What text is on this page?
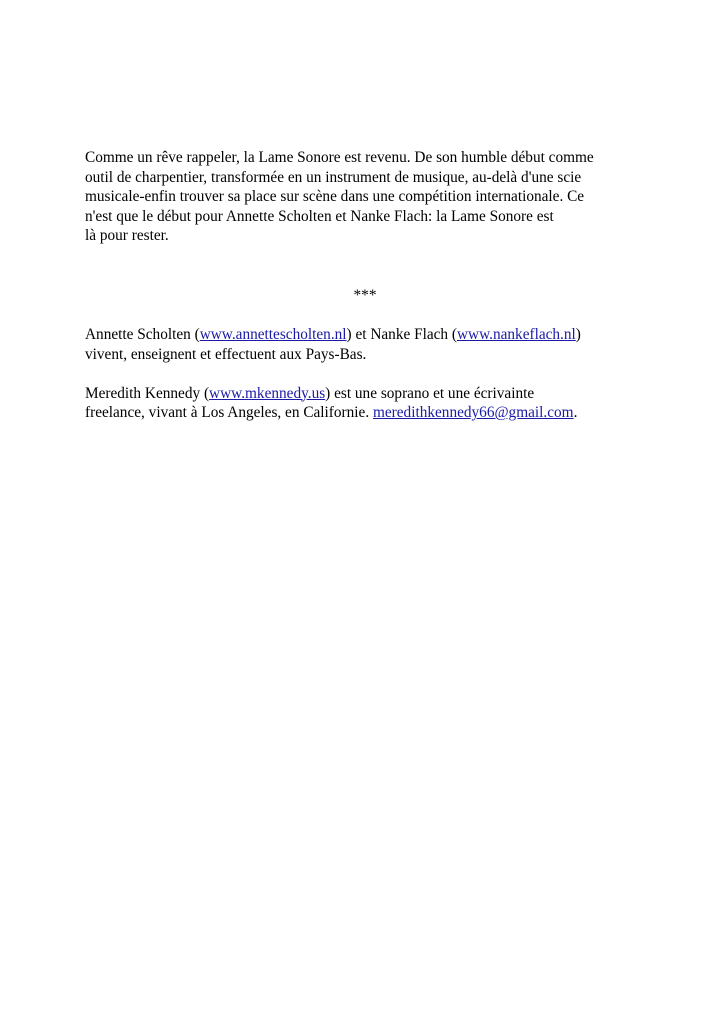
Comme un rêve rappeler, la Lame Sonore est revenu. De son humble début comme
outil de charpentier, transformée en un instrument de musique, au-delà d'une scie
musicale-enfin trouver sa place sur scène dans une compétition internationale. Ce
n'est que le début pour Annette Scholten et Nanke Flach: la Lame Sonore est
là pour rester.
***
Annette Scholten (www.annettescholten.nl) et Nanke Flach (www.nankeflach.nl)
vivent, enseignent et effectuent aux Pays-Bas.
Meredith Kennedy (www.mkennedy.us) est une soprano et une écrivainte
freelance, vivant à Los Angeles, en Californie. meredithkennedy66@gmail.com.
